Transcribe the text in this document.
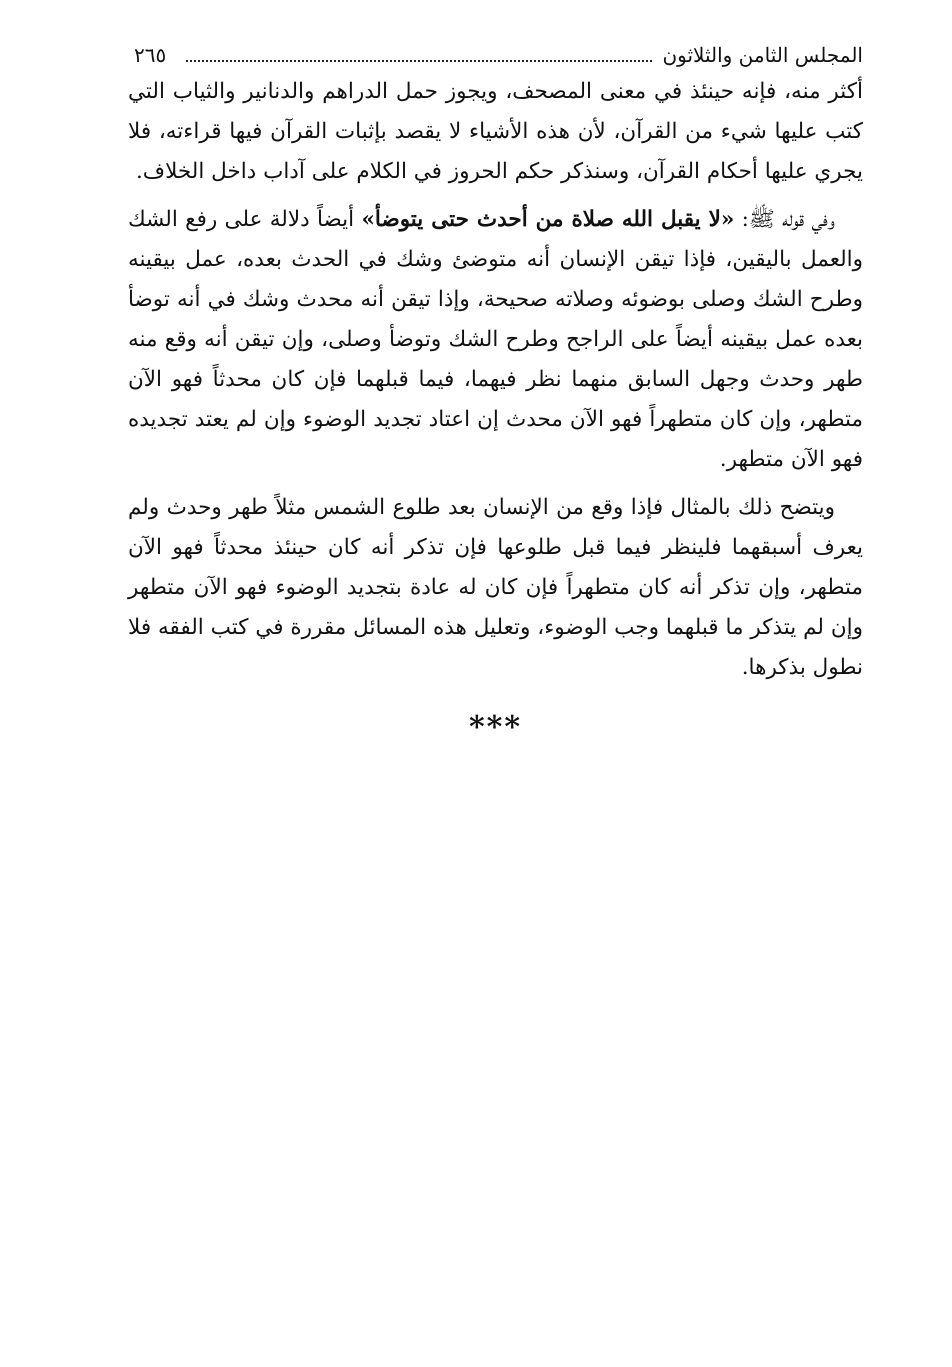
المجلس الثامن والثلاثون
٢٦٥

أكثر منه، فإنه حينئذ في معنى المصحف، ويجوز حمل الدراهم والدنانير والثياب التي كتب عليها شيء من القرآن، لأن هذه الأشياء لا يقصد بإثبات القرآن فيها قراءته، فلا يجري عليها أحكام القرآن، وسنذكر حكم الحروز في الكلام على آداب داخل الخلاف.

وفي قوله ﷺ: «لا يقبل الله صلاة من أحدث حتى يتوضأ» أيضاً دلالة على رفع الشك والعمل باليقين، فإذا تيقن الإنسان أنه متوضئ وشك في الحدث بعده، عمل بيقينه وطرح الشك وصلى بوضوئه وصلاته صحيحة، وإذا تيقن أنه محدث وشك في أنه توضأ بعده عمل بيقينه أيضاً على الراجح وطرح الشك وتوضأ وصلى، وإن تيقن أنه وقع منه طهر وحدث وجهل السابق منهما نظر فيهما، فيما قبلهما فإن كان محدثاً فهو الآن متطهر، وإن كان متطهراً فهو الآن محدث إن اعتاد تجديد الوضوء وإن لم يعتد تجديده فهو الآن متطهر.

ويتضح ذلك بالمثال فإذا وقع من الإنسان بعد طلوع الشمس مثلاً طهر وحدث ولم يعرف أسبقهما فلينظر فيما قبل طلوعها فإن تذكر أنه كان حينئذ محدثاً فهو الآن متطهر، وإن تذكر أنه كان متطهراً فإن كان له عادة بتجديد الوضوء فهو الآن متطهر وإن لم يتذكر ما قبلهما وجب الوضوء، وتعليل هذه المسائل مقررة في كتب الفقه فلا نطول بذكرها.

***
